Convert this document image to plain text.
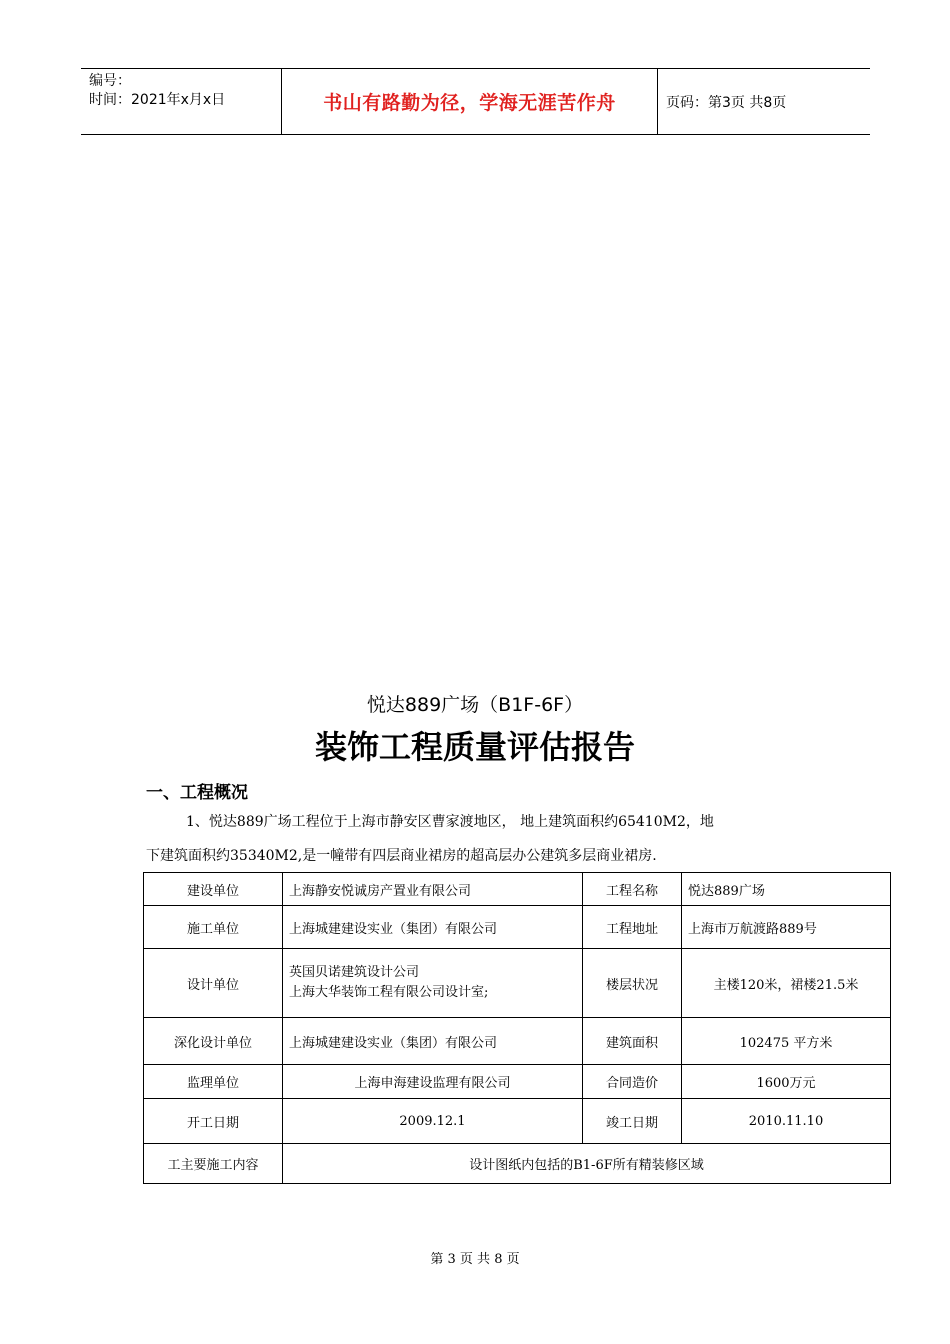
编号：
时间：2021年x月x日	书山有路勤为径，学海无涯苦作舟	页码：第3页 共8页
悦达889广场（B1F-6F）
装饰工程质量评估报告
一、工程概况
1、悦达889广场工程位于上海市静安区曹家渡地区， 地上建筑面积约65410M2，地
下建筑面积约35340M2,是一幢带有四层商业裙房的超高层办公建筑多层商业裙房.
建设单位	上海静安悦诚房产置业有限公司	工程名称	悦达889广场
施工单位	上海城建建设实业（集团）有限公司	工程地址	上海市万航渡路889号
设计单位	英国贝诺建筑设计公司
上海大华装饰工程有限公司设计室;	楼层状况	主楼120米，裙楼21.5米
深化设计单位	上海城建建设实业（集团）有限公司	建筑面积	102475 平方米
监理单位	上海申海建设监理有限公司	合同造价	1600万元
开工日期	2009.12.1	竣工日期	2010.11.10
工主要施工内容	设计图纸内包括的B1-6F所有精装修区域		
第 3 页 共 8 页
